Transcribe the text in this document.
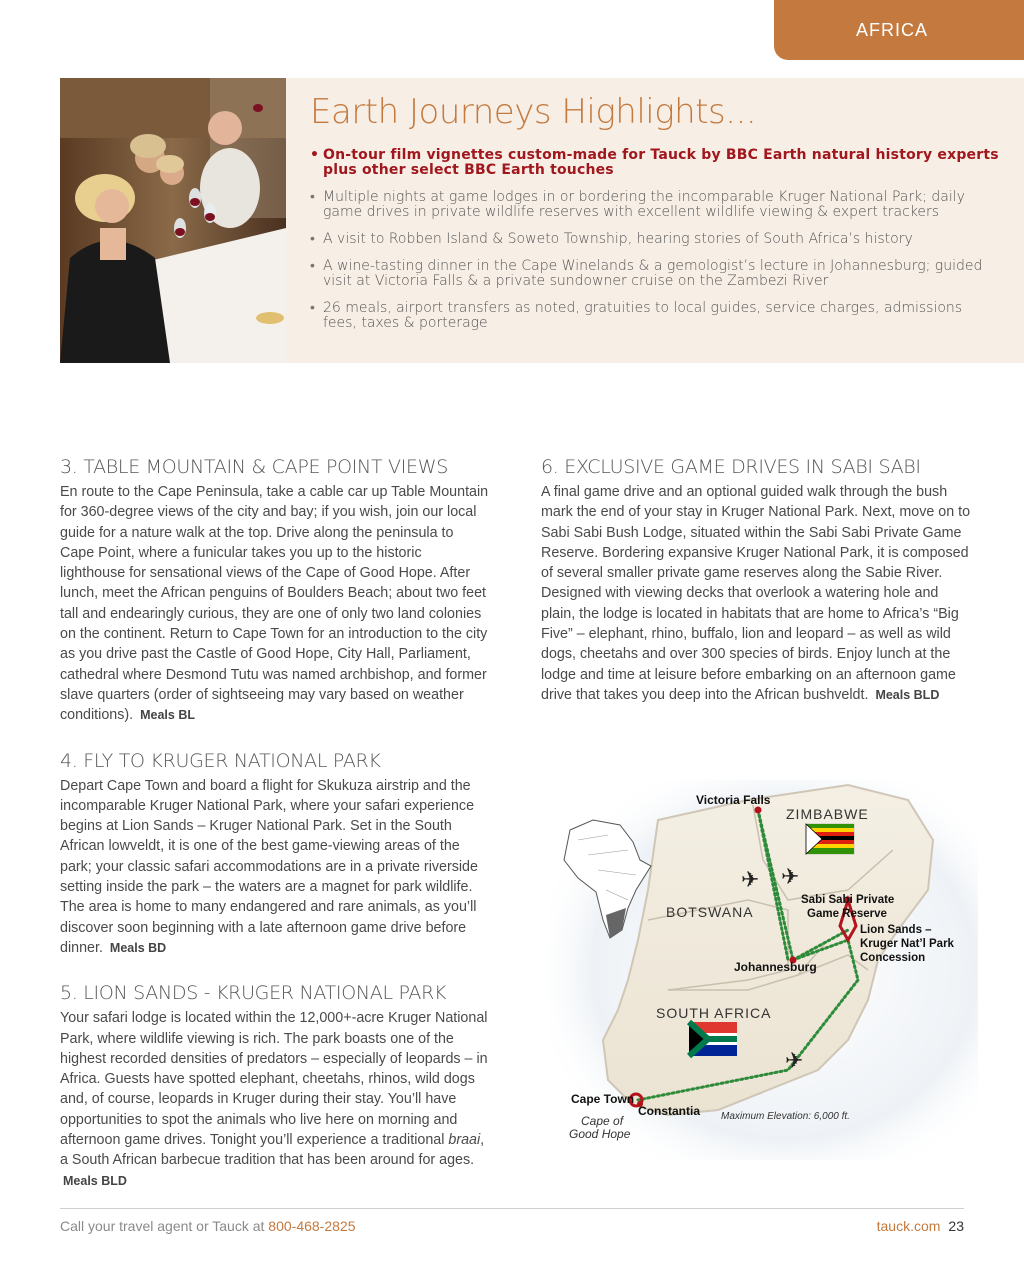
AFRICA
Earth Journeys Highlights...
• On-tour film vignettes custom-made for Tauck by BBC Earth natural history experts plus other select BBC Earth touches
• Multiple nights at game lodges in or bordering the incomparable Kruger National Park; daily game drives in private wildlife reserves with excellent wildlife viewing & expert trackers
• A visit to Robben Island & Soweto Township, hearing stories of South Africa’s history
• A wine-tasting dinner in the Cape Winelands & a gemologist’s lecture in Johannesburg; guided visit at Victoria Falls & a private sundowner cruise on the Zambezi River
• 26 meals, airport transfers as noted, gratuities to local guides, service charges, admissions fees, taxes & porterage
3. TABLE MOUNTAIN & CAPE POINT VIEWS

En route to the Cape Peninsula, take a cable car up Table Mountain for 360-degree views of the city and bay; if you wish, join our local guide for a nature walk at the top. Drive along the peninsula to Cape Point, where a funicular takes you up to the historic lighthouse for sensational views of the Cape of Good Hope. After lunch, meet the African penguins of Boulders Beach; about two feet tall and endearingly curious, they are one of only two land colonies on the continent. Return to Cape Town for an introduction to the city as you drive past the Castle of Good Hope, City Hall, Parliament, cathedral where Desmond Tutu was named archbishop, and former slave quarters (order of sightseeing may vary based on weather conditions). Meals BL

4. FLY TO KRUGER NATIONAL PARK

Depart Cape Town and board a flight for Skukuza airstrip and the incomparable Kruger National Park, where your safari experience begins at Lion Sands – Kruger National Park. Set in the South African lowveldt, it is one of the best game-viewing areas of the park; your classic safari accommodations are in a private riverside setting inside the park – the waters are a magnet for park wildlife. The area is home to many endangered and rare animals, as you’ll discover soon beginning with a late afternoon game drive before dinner. Meals BD

5. LION SANDS - KRUGER NATIONAL PARK

Your safari lodge is located within the 12,000+-acre Kruger National Park, where wildlife viewing is rich. The park boasts one of the highest recorded densities of predators – especially of leopards – in Africa. Guests have spotted elephant, cheetahs, rhinos, wild dogs and, of course, leopards in Kruger during their stay. You’ll have opportunities to spot the animals who live here on morning and afternoon game drives. Tonight you’ll experience a traditional braai, a South African barbecue tradition that has been around for ages. Meals BLD

6. EXCLUSIVE GAME DRIVES IN SABI SABI

A final game drive and an optional guided walk through the bush mark the end of your stay in Kruger National Park. Next, move on to Sabi Sabi Bush Lodge, situated within the Sabi Sabi Private Game Reserve. Bordering expansive Kruger National Park, it is composed of several smaller private game reserves along the Sabie River. Designed with viewing decks that overlook a watering hole and plain, the lodge is located in habitats that are home to Africa’s “Big Five” – elephant, rhino, buffalo, lion and leopard – as well as wild dogs, cheetahs and over 300 species of birds. Enjoy lunch at the lodge and time at leisure before embarking on an afternoon game drive that takes you deep into the African bushveldt. Meals BLD

✈ ✈
✈
ZIMBABWE
BOTSWANA
SOUTH AFRICA
Victoria Falls
Sabi Sabi Private
Game Reserve
Lion Sands –
Kruger Nat’l Park
Concession
Johannesburg
Cape Town
Constantia
Cape of
Good Hope
Maximum Elevation: 6,000 ft.
Call your travel agent or Tauck at 800-468-2825	tauck.com 23
